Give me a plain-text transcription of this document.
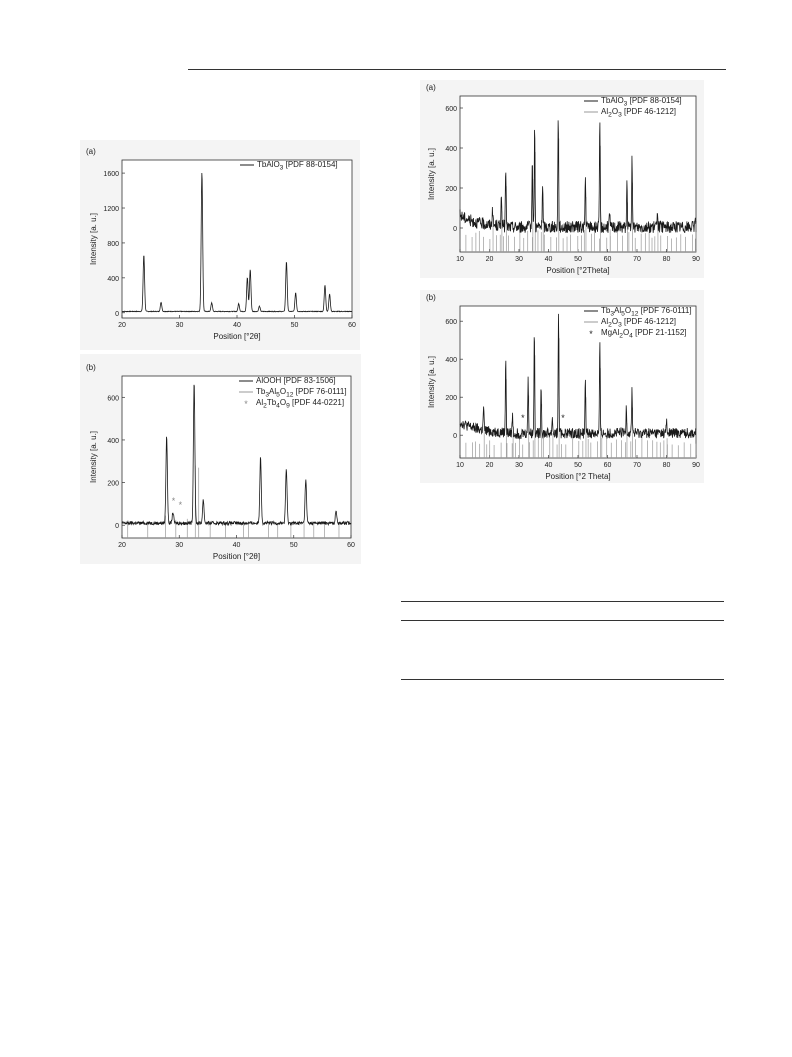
20	30	40	50	60
0
400
800
1200
1600
(a)
Position [°2θ]
Intensity [a. u.]
TbAlO$_3$ [PDF 88-0154]
20	30	40	50	60
0
200
400
600
(b)
Position [°2θ]
Intensity [a. u.]
* *
AlOOH [PDF 83-1506]
$Tb_3Al_5O_{12}$ [PDF 76-0111]
* $Al_2Tb_4O_9$ [PDF 44-0221]
10	20	30	40	50	60	70	80	90
0
200
400
600
(a)
Position [°2Theta]
Intensity [a. u.]
TbAlO$_3$ [PDF 88-0154]
$Al_2O_3$ [PDF 46-1212]
10	20	30	40	50	60	70	80	90
0
200
400
600
(b)
Position [°2 Theta]
Intensity [a. u.]
*	*
$Tb_3Al_5O_{12}$ [PDF 76-0111]
$Al_2O_3$ [PDF 46-1212]
* $MgAl_2O_4$ [PDF 21-1152]
